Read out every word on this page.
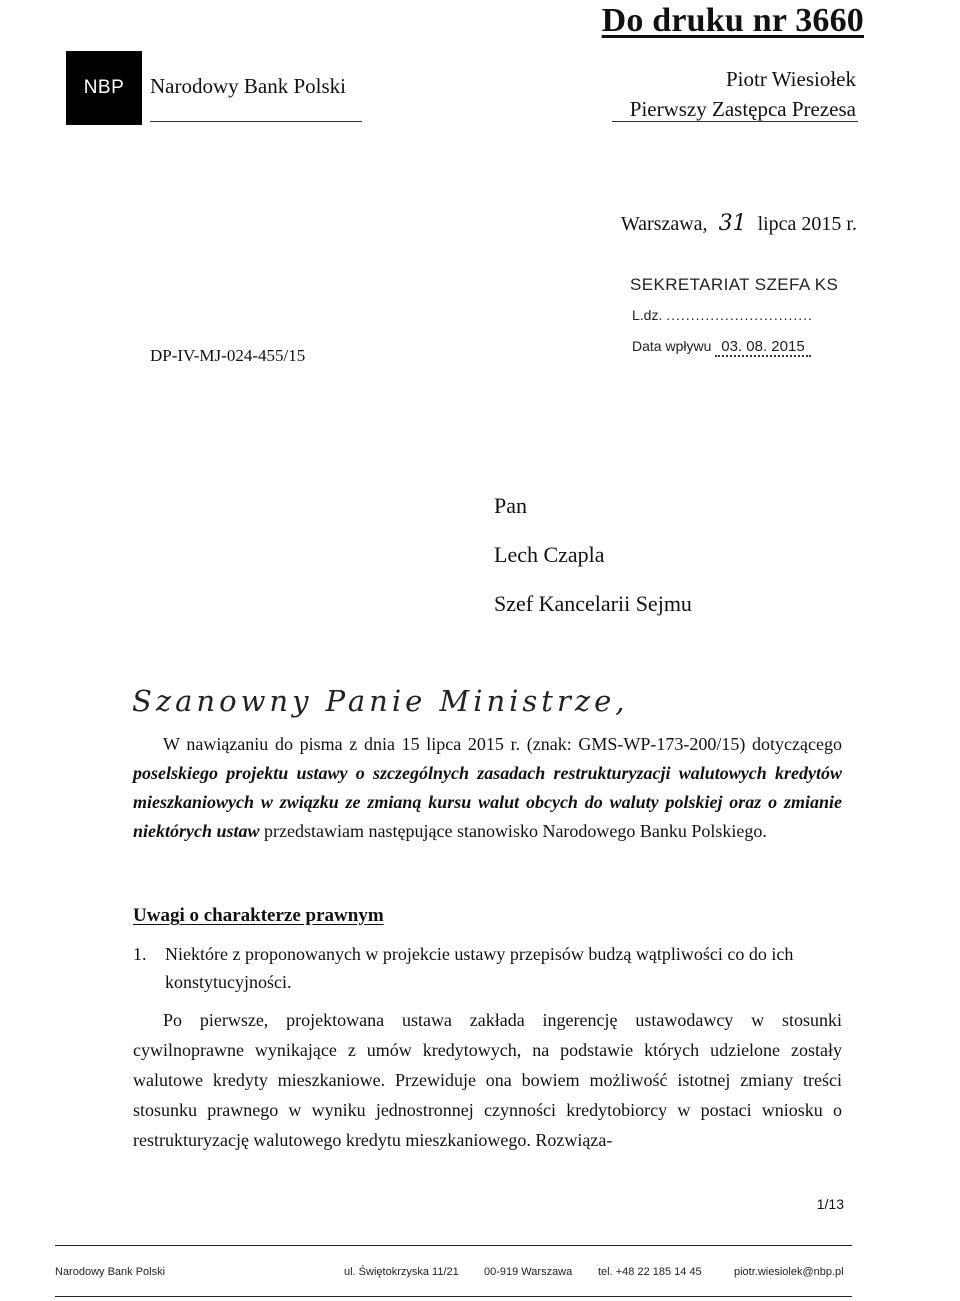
Do druku nr 3660
NBP	Narodowy Bank Polski	Piotr Wiesiołek
Pierwszy Zastępca Prezesa
Warszawa, 31 lipca 2015 r.
SEKRETARIAT SZEFA KS
L.dz. ..............................
Data wpływu 03. 08. 2015
DP-IV-MJ-024-455/15
Pan
Lech Czapla
Szef Kancelarii Sejmu
Szanowny Panie Ministrze,
W nawiązaniu do pisma z dnia 15 lipca 2015 r. (znak: GMS-WP-173-200/15) dotyczącego poselskiego projektu ustawy o szczególnych zasadach restrukturyzacji walutowych kredytów mieszkaniowych w związku ze zmianą kursu walut obcych do waluty polskiej oraz o zmianie niektórych ustaw przedstawiam następujące stanowisko Narodowego Banku Polskiego.
Uwagi o charakterze prawnym
1.	Niektóre z proponowanych w projekcie ustawy przepisów budzą wątpliwości co do ich konstytucyjności.
Po pierwsze, projektowana ustawa zakłada ingerencję ustawodawcy w stosunki cywilnoprawne wynikające z umów kredytowych, na podstawie których udzielone zostały walutowe kredyty mieszkaniowe. Przewiduje ona bowiem możliwość istotnej zmiany treści stosunku prawnego w wyniku jednostronnej czynności kredytobiorcy w postaci wniosku o restrukturyzację walutowego kredytu mieszkaniowego. Rozwiąza-
1/13
Narodowy Bank Polski	ul. Świętokrzyska 11/21 00-919 Warszawa tel. +48 22 185 14 45	piotr.wiesiolek@nbp.pl
